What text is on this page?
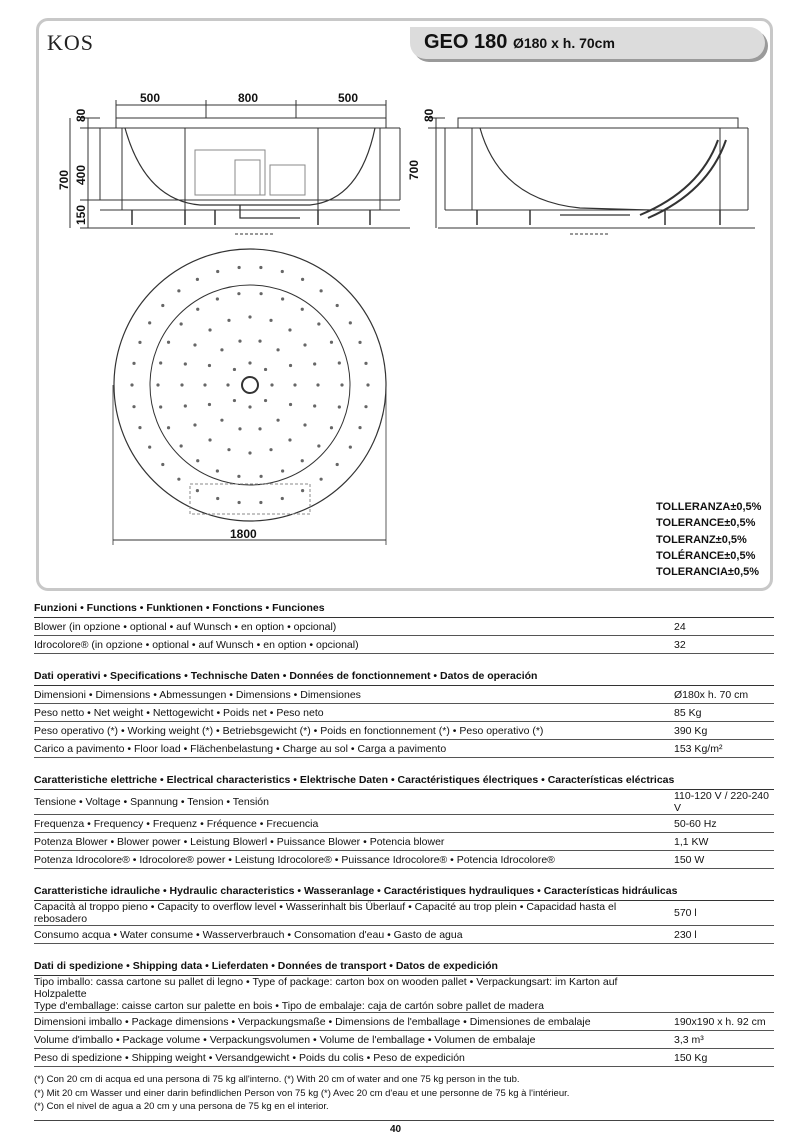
KOS	GEO 180 Ø180 x h. 70cm
500	800	500
80
700 400
150
80
700
1800
TOLLERANZA±0,5%
TOLERANCE±0,5%
TOLERANZ±0,5%
TOLÉRANCE±0,5%
TOLERANCIA±0,5%
Funzioni • Functions • Funktionen • Fonctions • Funciones
Blower (in opzione • optional • auf Wunsch • en option • opcional)	24
Idrocolore® (in opzione • optional • auf Wunsch • en option • opcional)	32
Dati operativi • Specifications • Technische Daten • Données de fonctionnement • Datos de operación
Dimensioni • Dimensions • Abmessungen • Dimensions • Dimensiones	Ø180x h. 70 cm
Peso netto • Net weight • Nettogewicht • Poids net • Peso neto	85 Kg
Peso operativo (*) • Working weight (*) • Betriebsgewicht (*) • Poids en fonctionnement (*) • Peso operativo (*)	390 Kg
Carico a pavimento • Floor load • Flächenbelastung • Charge au sol • Carga a pavimento	153 Kg/m²
Caratteristiche elettriche • Electrical characteristics • Elektrische Daten • Caractéristiques électriques • Características eléctricas
Tensione • Voltage • Spannung • Tension • Tensión	110-120 V / 220-240 V
Frequenza • Frequency • Frequenz • Fréquence • Frecuencia	50-60 Hz
Potenza Blower • Blower power • Leistung Blowerl • Puissance Blower • Potencia blower	1,1 KW
Potenza Idrocolore® • Idrocolore® power • Leistung Idrocolore® • Puissance Idrocolore® • Potencia Idrocolore®	150 W
Caratteristiche idrauliche • Hydraulic characteristics • Wasseranlage • Caractéristiques hydrauliques • Características hidráulicas
Capacità al troppo pieno • Capacity to overflow level • Wasserinhalt bis Überlauf • Capacité au trop plein • Capacidad hasta el rebosadero	570 l
Consumo acqua • Water consume • Wasserverbrauch • Consomation d'eau • Gasto de agua	230 l
Dati di spedizione • Shipping data • Lieferdaten • Données de transport • Datos de expedición
Tipo imballo: cassa cartone su pallet di legno • Type of package: carton box on wooden pallet • Verpackungsart: im Karton auf Holzpalette
Type d'emballage: caisse carton sur palette en bois • Tipo de embalaje: caja de cartón sobre pallet de madera
Dimensioni imballo • Package dimensions • Verpackungsmaße • Dimensions de l'emballage • Dimensiones de embalaje	190x190 x h. 92 cm
Volume d'imballo • Package volume • Verpackungsvolumen • Volume de l'emballage • Volumen de embalaje	3,3 m³
Peso di spedizione • Shipping weight • Versandgewicht • Poids du colis • Peso de expedición	150 Kg
(*) Con 20 cm di acqua ed una persona di 75 kg all'interno. (*) With 20 cm of water and one 75 kg person in the tub.
(*) Mit 20 cm Wasser und einer darin befindlichen Person von 75 kg (*) Avec 20 cm d'eau et une personne de 75 kg à l'intérieur.
(*) Con el nivel de agua a 20 cm y una persona de 75 kg en el interior.
40
